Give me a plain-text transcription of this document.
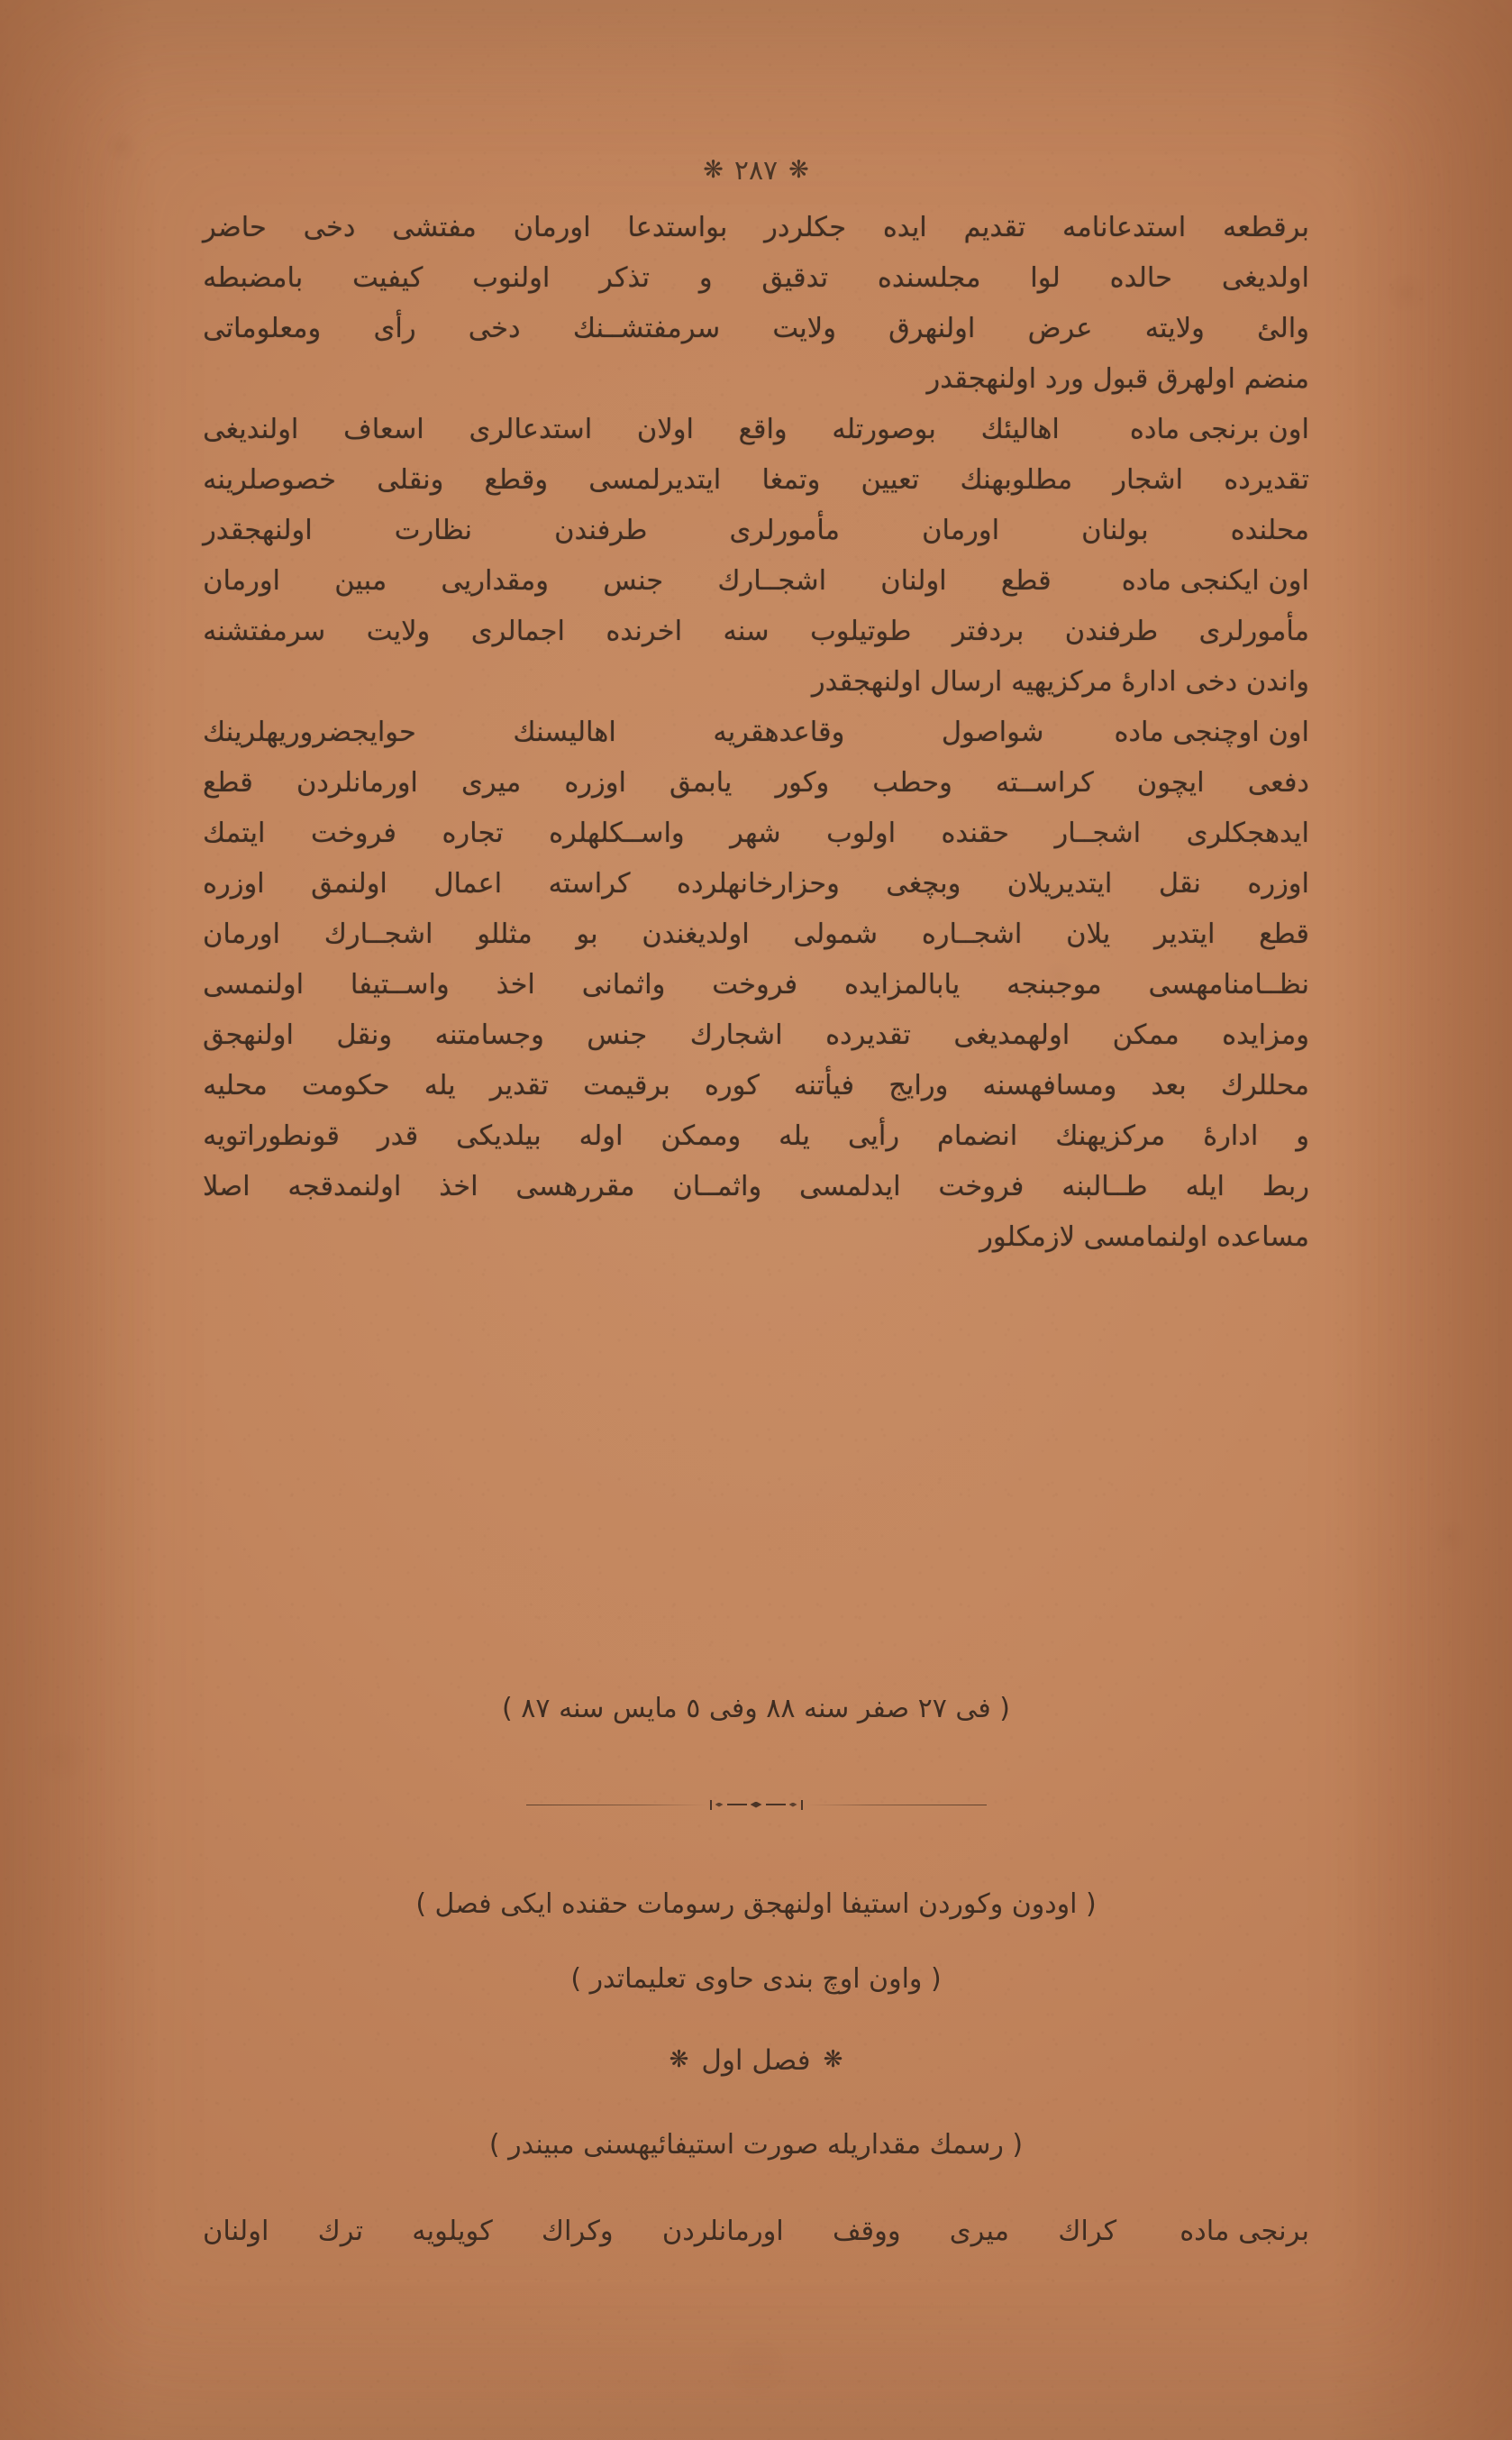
❋٢٨٧❋
برقطعه
استدعانامه
تقديم
ايده
جكلردر
بواستدعا
اورمان
مفتشى
دخى
حاضر
اولديغى
حالده
لوا
مجلسنده
تدقيق
و
تذكر
اولنوب
كيفيت
بامضبطه
والئ
ولايته
عرض
اولنهرق
ولايت
سرمفتشــنك
دخى
رأى
ومعلوماتى
منضم اولهرق قبول ورد اولنهجقدر
اون برنجى ماده
اهاليئك
بوصورتله
واقع
اولان
استدعالرى
اسعاف
اولنديغى
تقديرده
اشجار
مطلوبهنك
تعيين
وتمغا
ايتديرلمسى
وقطع
ونقلى
خصوصلرينه
محلنده
بولنان
اورمان
مأمورلرى
طرفندن
نظارت
اولنهجقدر
اون ايكنجى ماده
قطع
اولنان
اشجــارك
جنس
ومقداريى
مبين
اورمان
مأمورلرى
طرفندن
بردفتر
طوتيلوب
سنه
اخرنده
اجمالرى
ولايت
سرمفتشنه
واندن دخى ادارهٔ مركزيهيه ارسال اولنهجقدر
اون اوچنجى ماده
شواصول
وقاعدهقريه
اهاليسنك
حوايجضروريهلرينك
دفعى
ايچون
كراســته
وحطب
وكور
يابمق
اوزره
ميرى
اورمانلردن
قطع
ايدهجكلرى
اشجــار
حقنده
اولوب
شهر
واســكلهلره
تجاره
فروخت
ايتمك
اوزره
نقل
ايتديريلان
وبچغى
وحزارخانهلرده
كراسته
اعمال
اولنمق
اوزره
قطع
ايتدير
يلان
اشجــاره
شمولى
اولديغندن
بو
مثللو
اشجــارك
اورمان
نظــامنامهسى
موجبنجه
يابالمزايده
فروخت
واثمانى
اخذ
واســتيفا
اولنمسى
ومزايده
ممكن
اولهمديغى
تقديرده
اشجارك
جنس
وجسامتنه
ونقل
اولنهجق
محللرك
بعد
ومسافهسنه
ورايج
فيأتنه
كوره
برقيمت
تقدير
يله
حكومت
محليه
و
ادارهٔ
مركزيهنك
انضمام
رأيى
يله
وممكن
اوله
بيلديكى
قدر
قونطوراتويه
ربط
ايله
طــالبنه
فروخت
ايدلمسى
واثمــان
مقررهسى
اخذ
اولنمدقجه
اصلا
مساعده اولنمامسى لازمكلور
( فى ٢٧ صفر سنه ٨٨ وفى ٥ مايس سنه ٨٧ )
( اودون وكوردن استيفا اولنهجق رسومات حقنده ايكى فصل )
( واون اوچ بندى حاوى تعليماتدر )
❋فصل اول❋
( رسمك مقداريله صورت استيفائيهسنى مبيندر )
برنجى ماده
كراك
ميرى
ووقف
اورمانلردن
وكراك
كويلويه
ترك
اولنان
